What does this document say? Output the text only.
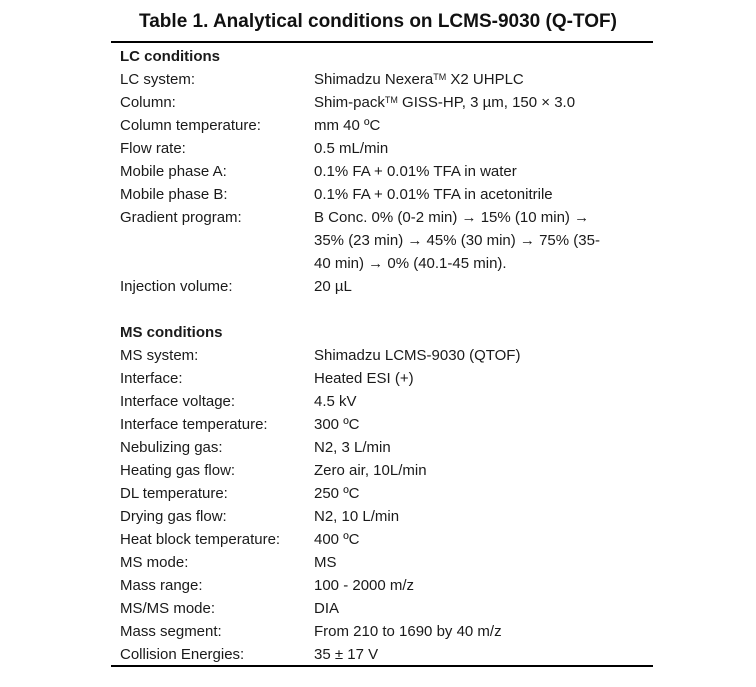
Table 1. Analytical conditions on LCMS-9030 (Q-TOF)
LC conditions
LC system:	Shimadzu Nexera™ X2 UHPLC
Column:	Shim-pack™ GISS-HP, 3 µm, 150 × 3.0
Column temperature:	mm 40 ºC
Flow rate:	0.5 mL/min
Mobile phase A:	0.1% FA + 0.01% TFA in water
Mobile phase B:	0.1% FA + 0.01% TFA in acetonitrile
Gradient program:	B Conc. 0% (0-2 min) → 15% (10 min) →
35% (23 min) → 45% (30 min) → 75% (35-
40 min) → 0% (40.1-45 min).
Injection volume:	20 µL
MS conditions
MS system:	Shimadzu LCMS-9030 (QTOF)
Interface:	Heated ESI (+)
Interface voltage:	4.5 kV
Interface temperature:	300 ºC
Nebulizing gas:	N2, 3 L/min
Heating gas flow:	Zero air, 10L/min
DL temperature:	250 ºC
Drying gas flow:	N2, 10 L/min
Heat block temperature: 400 ºC
MS mode:	MS
Mass range:	100 - 2000 m/z
MS/MS mode:	DIA
Mass segment:	From 210 to 1690 by 40 m/z
Collision Energies:	35 ± 17 V
